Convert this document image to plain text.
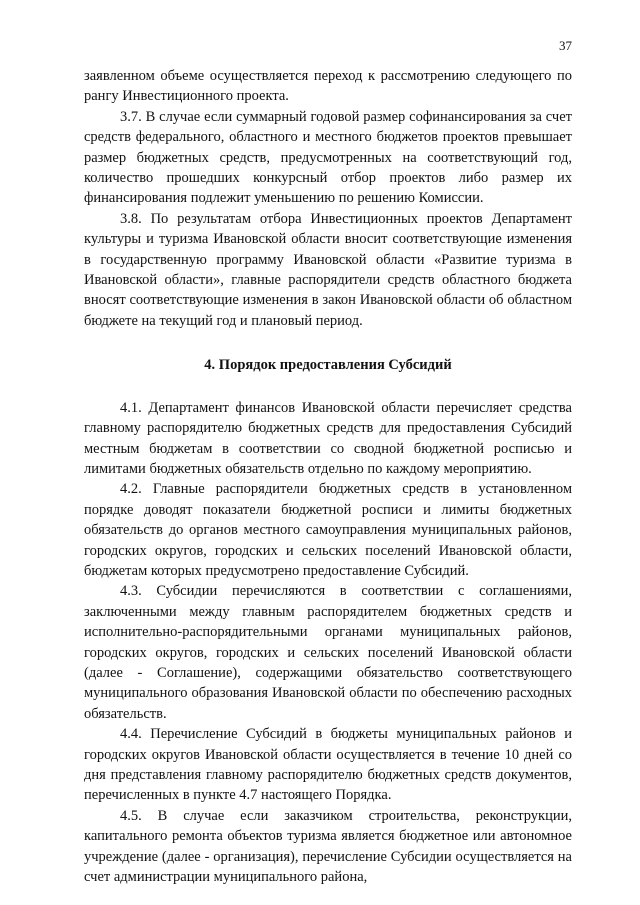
37

заявленном объеме осуществляется переход к рассмотрению следующего по рангу Инвестиционного проекта.

3.7. В случае если суммарный годовой размер софинансирования за счет средств федерального, областного и местного бюджетов проектов превышает размер бюджетных средств, предусмотренных на соответствующий год, количество прошедших конкурсный отбор проектов либо размер их финансирования подлежит уменьшению по решению Комиссии.

3.8. По результатам отбора Инвестиционных проектов Департамент культуры и туризма Ивановской области вносит соответствующие изменения в государственную программу Ивановской области «Развитие туризма в Ивановской области», главные распорядители средств областного бюджета вносят соответствующие изменения в закон Ивановской области об областном бюджете на текущий год и плановый период.

4. Порядок предоставления Субсидий

4.1. Департамент финансов Ивановской области перечисляет средства главному распорядителю бюджетных средств для предоставления Субсидий местным бюджетам в соответствии со сводной бюджетной росписью и лимитами бюджетных обязательств отдельно по каждому мероприятию.

4.2. Главные распорядители бюджетных средств в установленном порядке доводят показатели бюджетной росписи и лимиты бюджетных обязательств до органов местного самоуправления муниципальных районов, городских округов, городских и сельских поселений Ивановской области, бюджетам которых предусмотрено предоставление Субсидий.

4.3. Субсидии перечисляются в соответствии с соглашениями, заключенными между главным распорядителем бюджетных средств и исполнительно-распорядительными органами муниципальных районов, городских округов, городских и сельских поселений Ивановской области (далее - Соглашение), содержащими обязательство соответствующего муниципального образования Ивановской области по обеспечению расходных обязательств.

4.4. Перечисление Субсидий в бюджеты муниципальных районов и городских округов Ивановской области осуществляется в течение 10 дней со дня представления главному распорядителю бюджетных средств документов, перечисленных в пункте 4.7 настоящего Порядка.

4.5. В случае если заказчиком строительства, реконструкции, капитального ремонта объектов туризма является бюджетное или автономное учреждение (далее - организация), перечисление Субсидии осуществляется на счет администрации муниципального района,
